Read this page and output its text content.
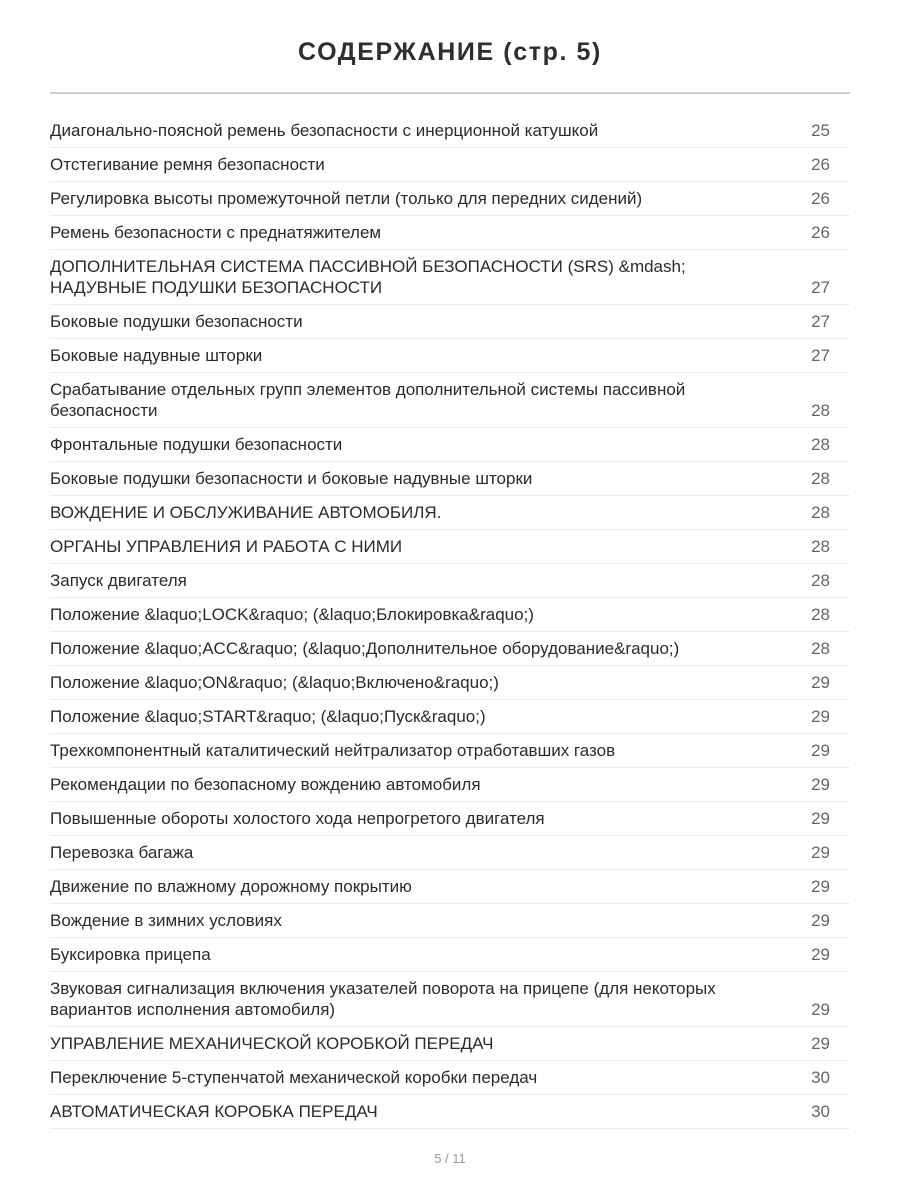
СОДЕРЖАНИЕ (стр. 5)
Диагонально-поясной ремень безопасности с инерционной катушкой	25
Отстегивание ремня безопасности	26
Регулировка высоты промежуточной петли (только для передних сидений)	26
Ремень безопасности с преднатяжителем	26
ДОПОЛНИТЕЛЬНАЯ СИСТЕМА ПАССИВНОЙ БЕЗОПАСНОСТИ (SRS) &mdash; НАДУВНЫЕ ПОДУШКИ БЕЗОПАСНОСТИ	27
Боковые подушки безопасности	27
Боковые надувные шторки	27
Срабатывание отдельных групп элементов дополнительной системы пассивной безопасности	28
Фронтальные подушки безопасности	28
Боковые подушки безопасности и боковые надувные шторки	28
ВОЖДЕНИЕ И ОБСЛУЖИВАНИЕ АВТОМОБИЛЯ.	28
ОРГАНЫ УПРАВЛЕНИЯ И РАБОТА С НИМИ	28
Запуск двигателя	28
Положение &laquo;LOCK&raquo; (&laquo;Блокировка&raquo;)	28
Положение &laquo;ACC&raquo; (&laquo;Дополнительное оборудование&raquo;)	28
Положение &laquo;ON&raquo; (&laquo;Включено&raquo;)	29
Положение &laquo;START&raquo; (&laquo;Пуск&raquo;)	29
Трехкомпонентный каталитический нейтрализатор отработавших газов	29
Рекомендации по безопасному вождению автомобиля	29
Повышенные обороты холостого хода непрогретого двигателя	29
Перевозка багажа	29
Движение по влажному дорожному покрытию	29
Вождение в зимних условиях	29
Буксировка прицепа	29
Звуковая сигнализация включения указателей поворота на прицепе (для некоторых вариантов исполнения автомобиля)	29
УПРАВЛЕНИЕ МЕХАНИЧЕСКОЙ КОРОБКОЙ ПЕРЕДАЧ	29
Переключение 5-ступенчатой механической коробки передач	30
АВТОМАТИЧЕСКАЯ КОРОБКА ПЕРЕДАЧ	30
5 / 11
